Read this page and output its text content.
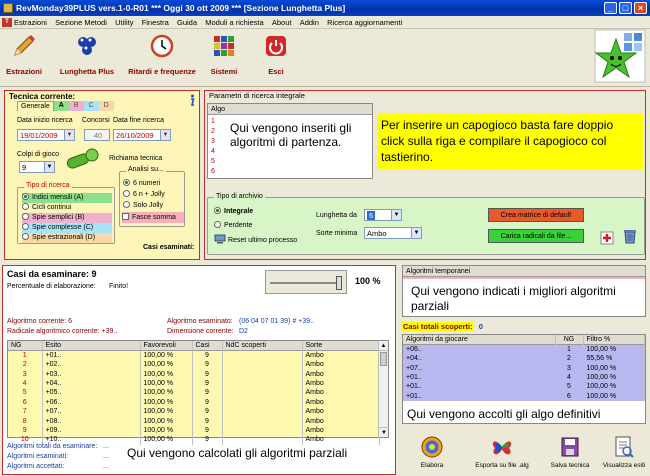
RevMonday39PLUS vers.1-0-R01 *** Oggi 30 ott 2009 *** [Sezione Lunghetta Plus]	_	□	×
T Estrazioni Sezione Metodi Utility Finestra Guida Moduli a richiesta About Addin Ricerca aggiornamenti
Estrazioni	Lunghetta Plus	Ritardi e frequenze	Sistemi	Esci
Tecnica corrente:
Generale	A	B	C	D
Data inizio ricerca Concorsi Data fine ricerca
19/01/2009	▼	40	26/10/2009	▼
Colpi di gioco
9	▼
Richiama tecnica
Tipo di ricerca
Indici mensili (A)
Cicli continui
Spie semplici (B)
Spie complesse (C)
Spie estrazionali (D)
Analisi su...
6 numeri
6 n + Jolly
Solo Jolly
Fasce somma
Casi esaminati:
Parametri di ricerca integrale
Algo
1
2
3
4
5
6
Qui vengono inseriti gli algoritmi di partenza.
Per inserire un capogioco basta fare doppio click sulla riga e compilare il capogioco col tastierino.
Tipo di archivio
Integrale
Perdente
Reset ultimo processo
Lunghetta da	6	▼
Sorte minima	Ambo	▼
Crea matrice di default
Carica radicali da file...
Casi da esaminare: 9
Percentuale di elaborazione: Finito!
100 %
Algoritmo corrente: 6
Radicale algoritmico corrente: +39..
Algoritmo esaminato: (06 04 07 01 39) # +39..
Dimensione corrente: D2
NG	Esito	Favorevoli	Casi	NdC scoperti	Sorte
1	+01..	100,00 %	9		Ambo
2	+02..	100,00 %	9		Ambo
3	+03..	100,00 %	9		Ambo
4	+04..	100,00 %	9		Ambo
5	+05..	100,00 %	9		Ambo
6	+06..	100,00 %	9		Ambo
7	+07..	100,00 %	9		Ambo
8	+08..	100,00 %	9		Ambo
9	+09..	100,00 %	9		Ambo
10	+10..	100,00 %	9		Ambo
▲
▼
Algoritmi totali da esaminare:
Algoritmi esaminati:
Algoritmi accettati:
...
...
...
Qui vengono calcolati gli algoritmi parziali
Algoritmi temporanei
Qui vengono indicati i migliori algoritmi parziali
Casi totali scoperti: 0
Algoritmi da giocare	NG	Filtro %
+06..	1	100,00 %
+04..	2	55,56 %
+07..	3	100,00 %
+01..	4	100,00 %
+01..	5	100,00 %
+01..	6	100,00 %
Qui vengono accolti gli algo definitivi
Elabora	Esporta su file .alg	Salva tecnica	Visualizza esiti
